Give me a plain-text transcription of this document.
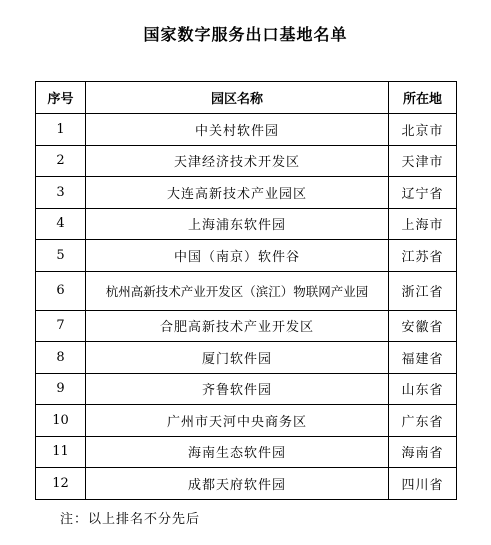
国家数字服务出口基地名单
序号	园区名称	所在地
1	中关村软件园	北京市
2	天津经济技术开发区	天津市
3	大连高新技术产业园区	辽宁省
4	上海浦东软件园	上海市
5	中国（南京）软件谷	江苏省
6	杭州高新技术产业开发区（滨江）物联网产业园	浙江省
7	合肥高新技术产业开发区	安徽省
8	厦门软件园	福建省
9	齐鲁软件园	山东省
10	广州市天河中央商务区	广东省
11	海南生态软件园	海南省
12	成都天府软件园	四川省
注：以上排名不分先后
